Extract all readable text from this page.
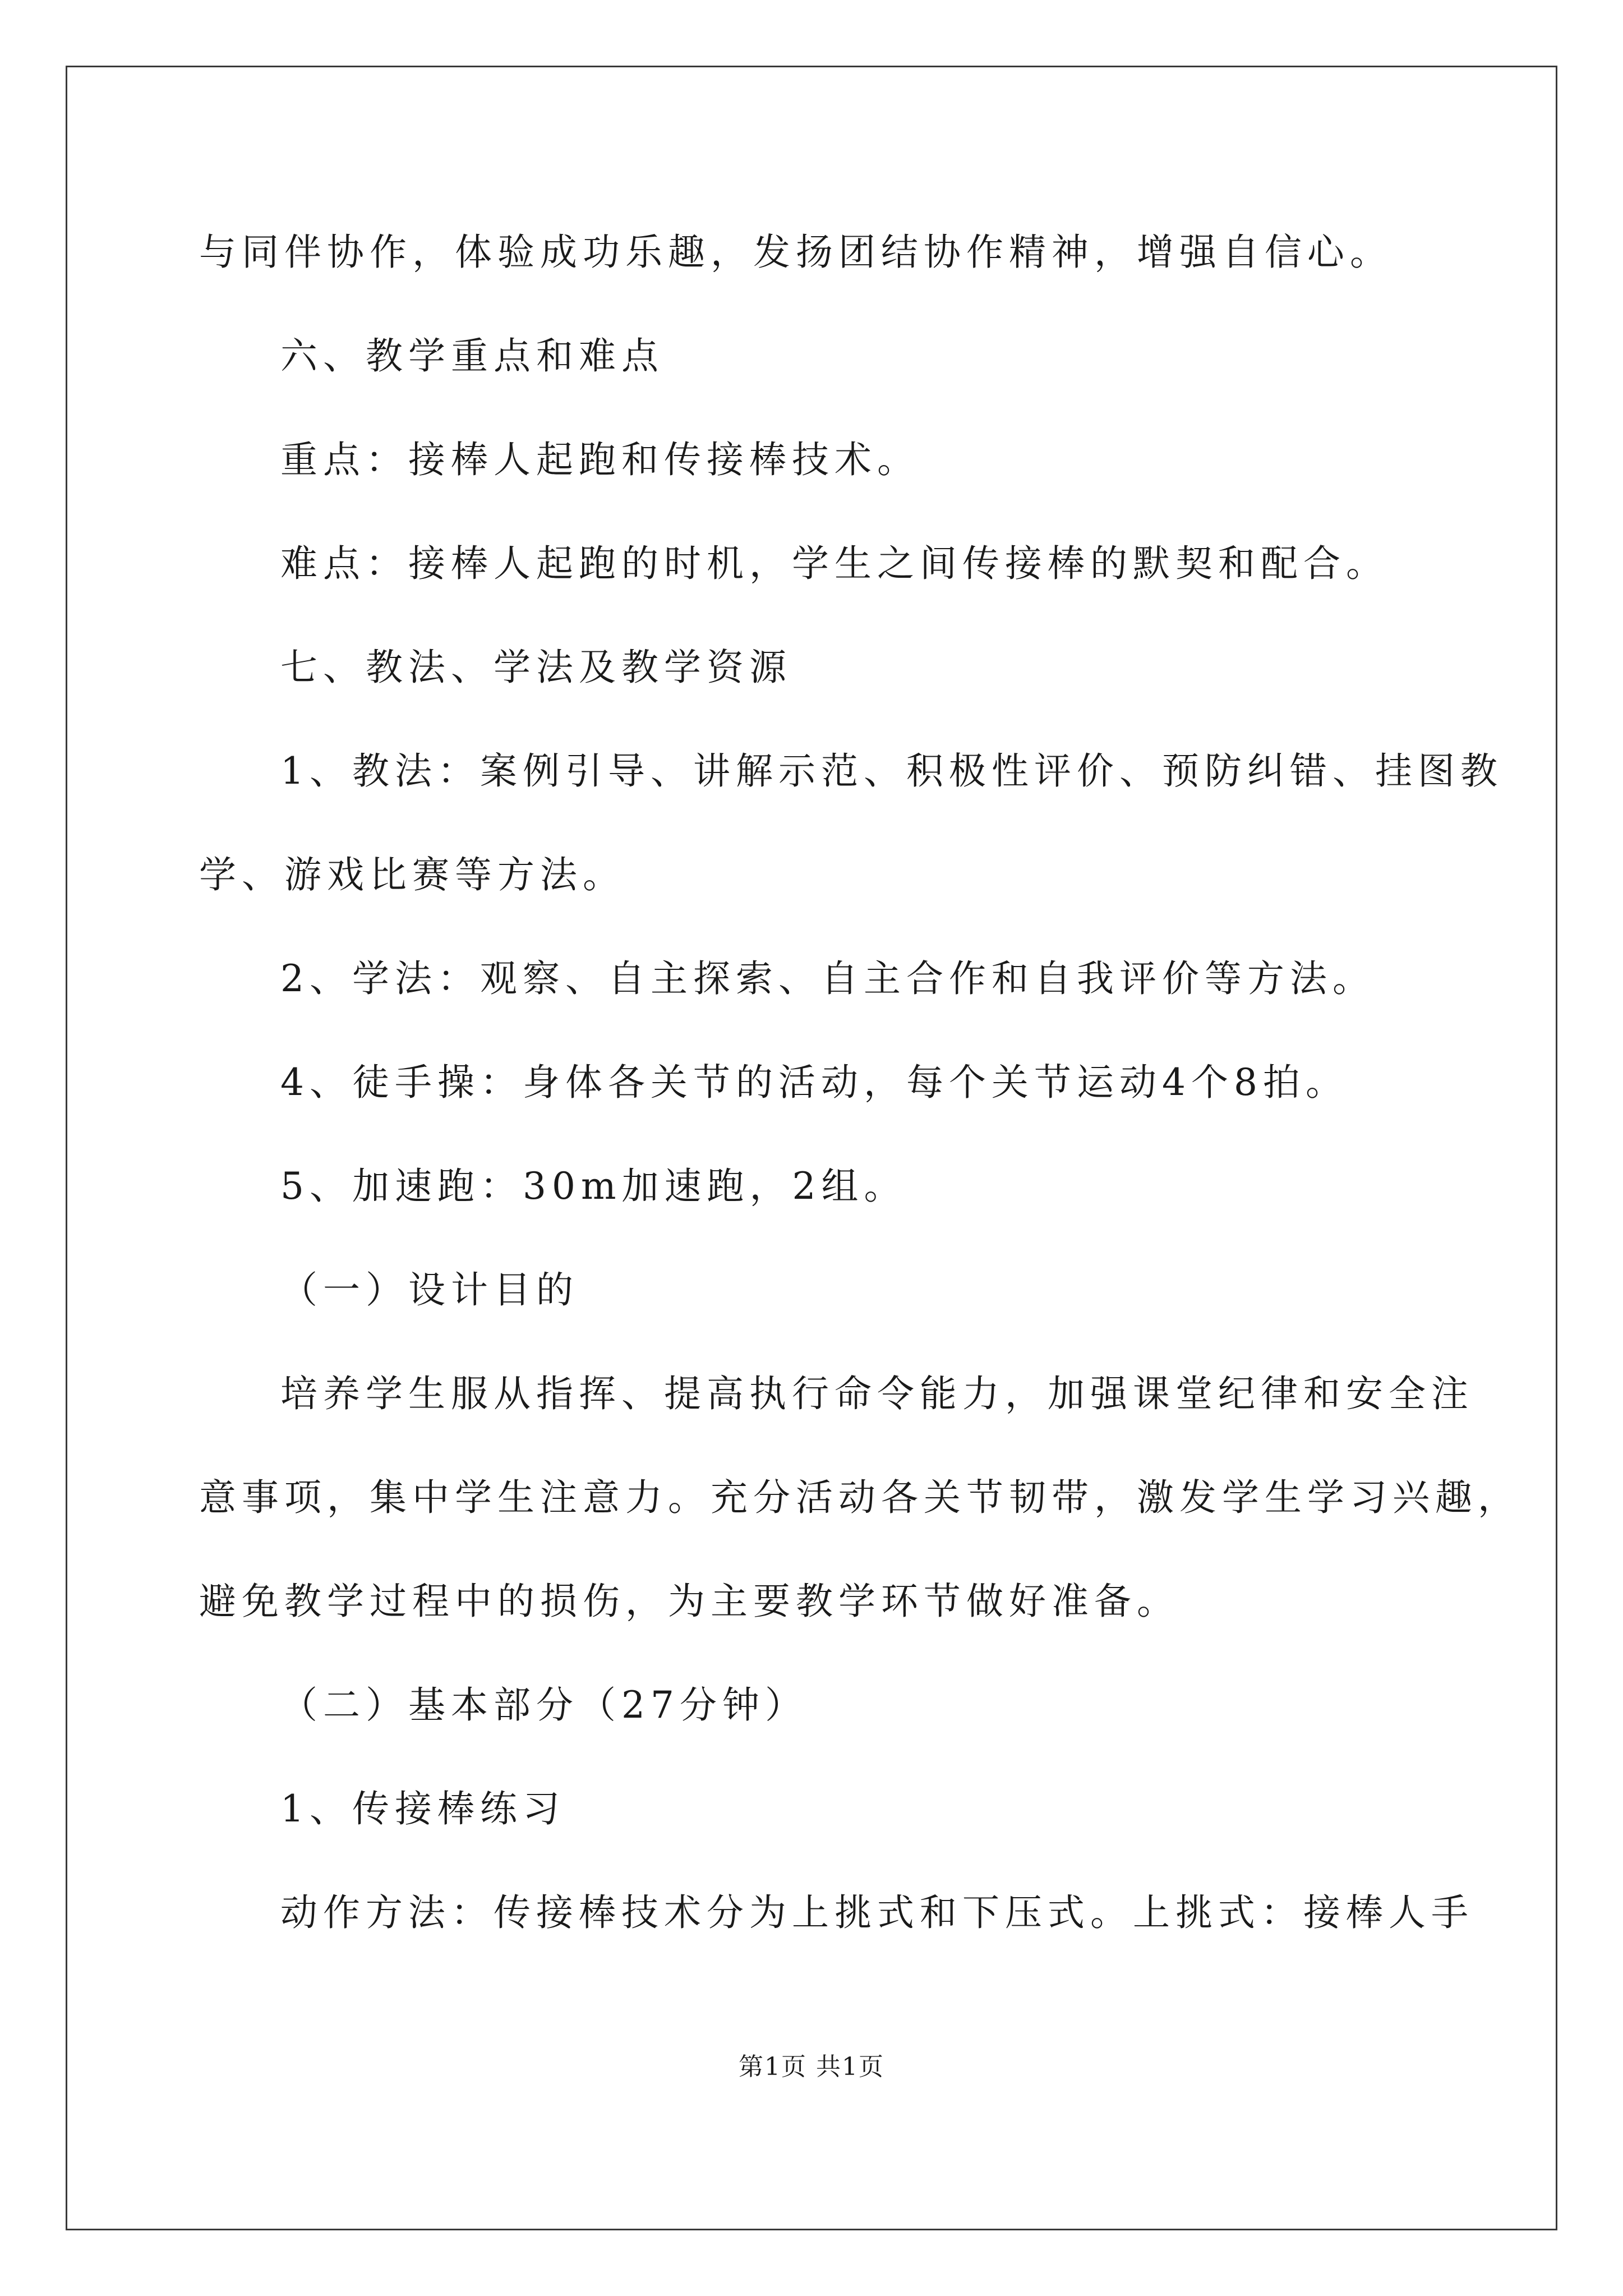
与同伴协作，体验成功乐趣，发扬团结协作精神，增强自信心。
六、教学重点和难点
重点：接棒人起跑和传接棒技术。
难点：接棒人起跑的时机，学生之间传接棒的默契和配合。
七、教法、学法及教学资源
1、教法：案例引导、讲解示范、积极性评价、预防纠错、挂图教
学、游戏比赛等方法。
2、学法：观察、自主探索、自主合作和自我评价等方法。
4、徒手操：身体各关节的活动，每个关节运动4个8拍。
5、加速跑：30m加速跑，2组。
（一）设计目的
培养学生服从指挥、提高执行命令能力，加强课堂纪律和安全注
意事项，集中学生注意力。充分活动各关节韧带，激发学生学习兴趣，
避免教学过程中的损伤，为主要教学环节做好准备。
（二）基本部分（27分钟）
1、传接棒练习
动作方法：传接棒技术分为上挑式和下压式。上挑式：接棒人手
第1页 共1页
